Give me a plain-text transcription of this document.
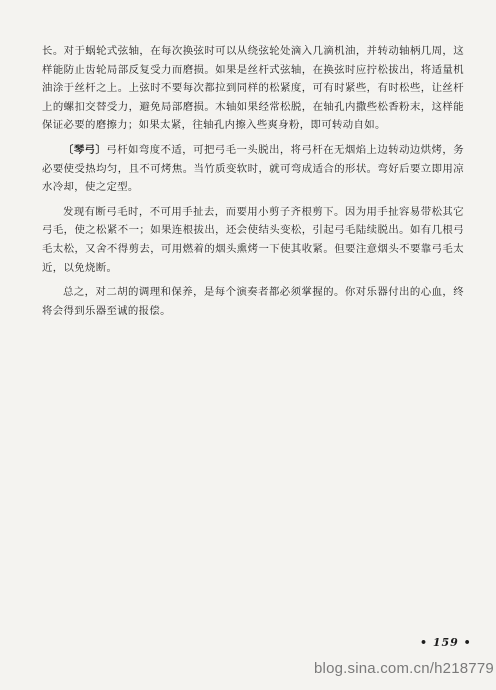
长。对于蜗轮式弦轴，在每次换弦时可以从绕弦轮处滴入几滴机油，并转动轴柄几周，这样能防止齿轮局部反复受力而磨损。如果是丝杆式弦轴，在换弦时应拧松拔出，将适量机油涂于丝杆之上。上弦时不要每次都拉到同样的松紧度，可有时紧些，有时松些，让丝杆上的螺扣交替受力，避免局部磨损。木轴如果经常松脱，在轴孔内撒些松香粉末，这样能保证必要的磨擦力；如果太紧，往轴孔内擦入些爽身粉，即可转动自如。

〔琴弓〕弓杆如弯度不适，可把弓毛一头脱出，将弓杆在无烟焰上边转动边烘烤，务必要使受热均匀，且不可烤焦。当竹质变软时，就可弯成适合的形状。弯好后要立即用凉水冷却，使之定型。

发现有断弓毛时，不可用手扯去，而要用小剪子齐根剪下。因为用手扯容易带松其它弓毛，使之松紧不一；如果连根拔出，还会使结头变松，引起弓毛陆续脱出。如有几根弓毛太松，又舍不得剪去，可用燃着的烟头熏烤一下使其收紧。但要注意烟头不要靠弓毛太近，以免烧断。

总之，对二胡的调理和保养，是每个演奏者都必须掌握的。你对乐器付出的心血，终将会得到乐器至诚的报偿。

• 159 •
blog.sina.com.cn/h218779
